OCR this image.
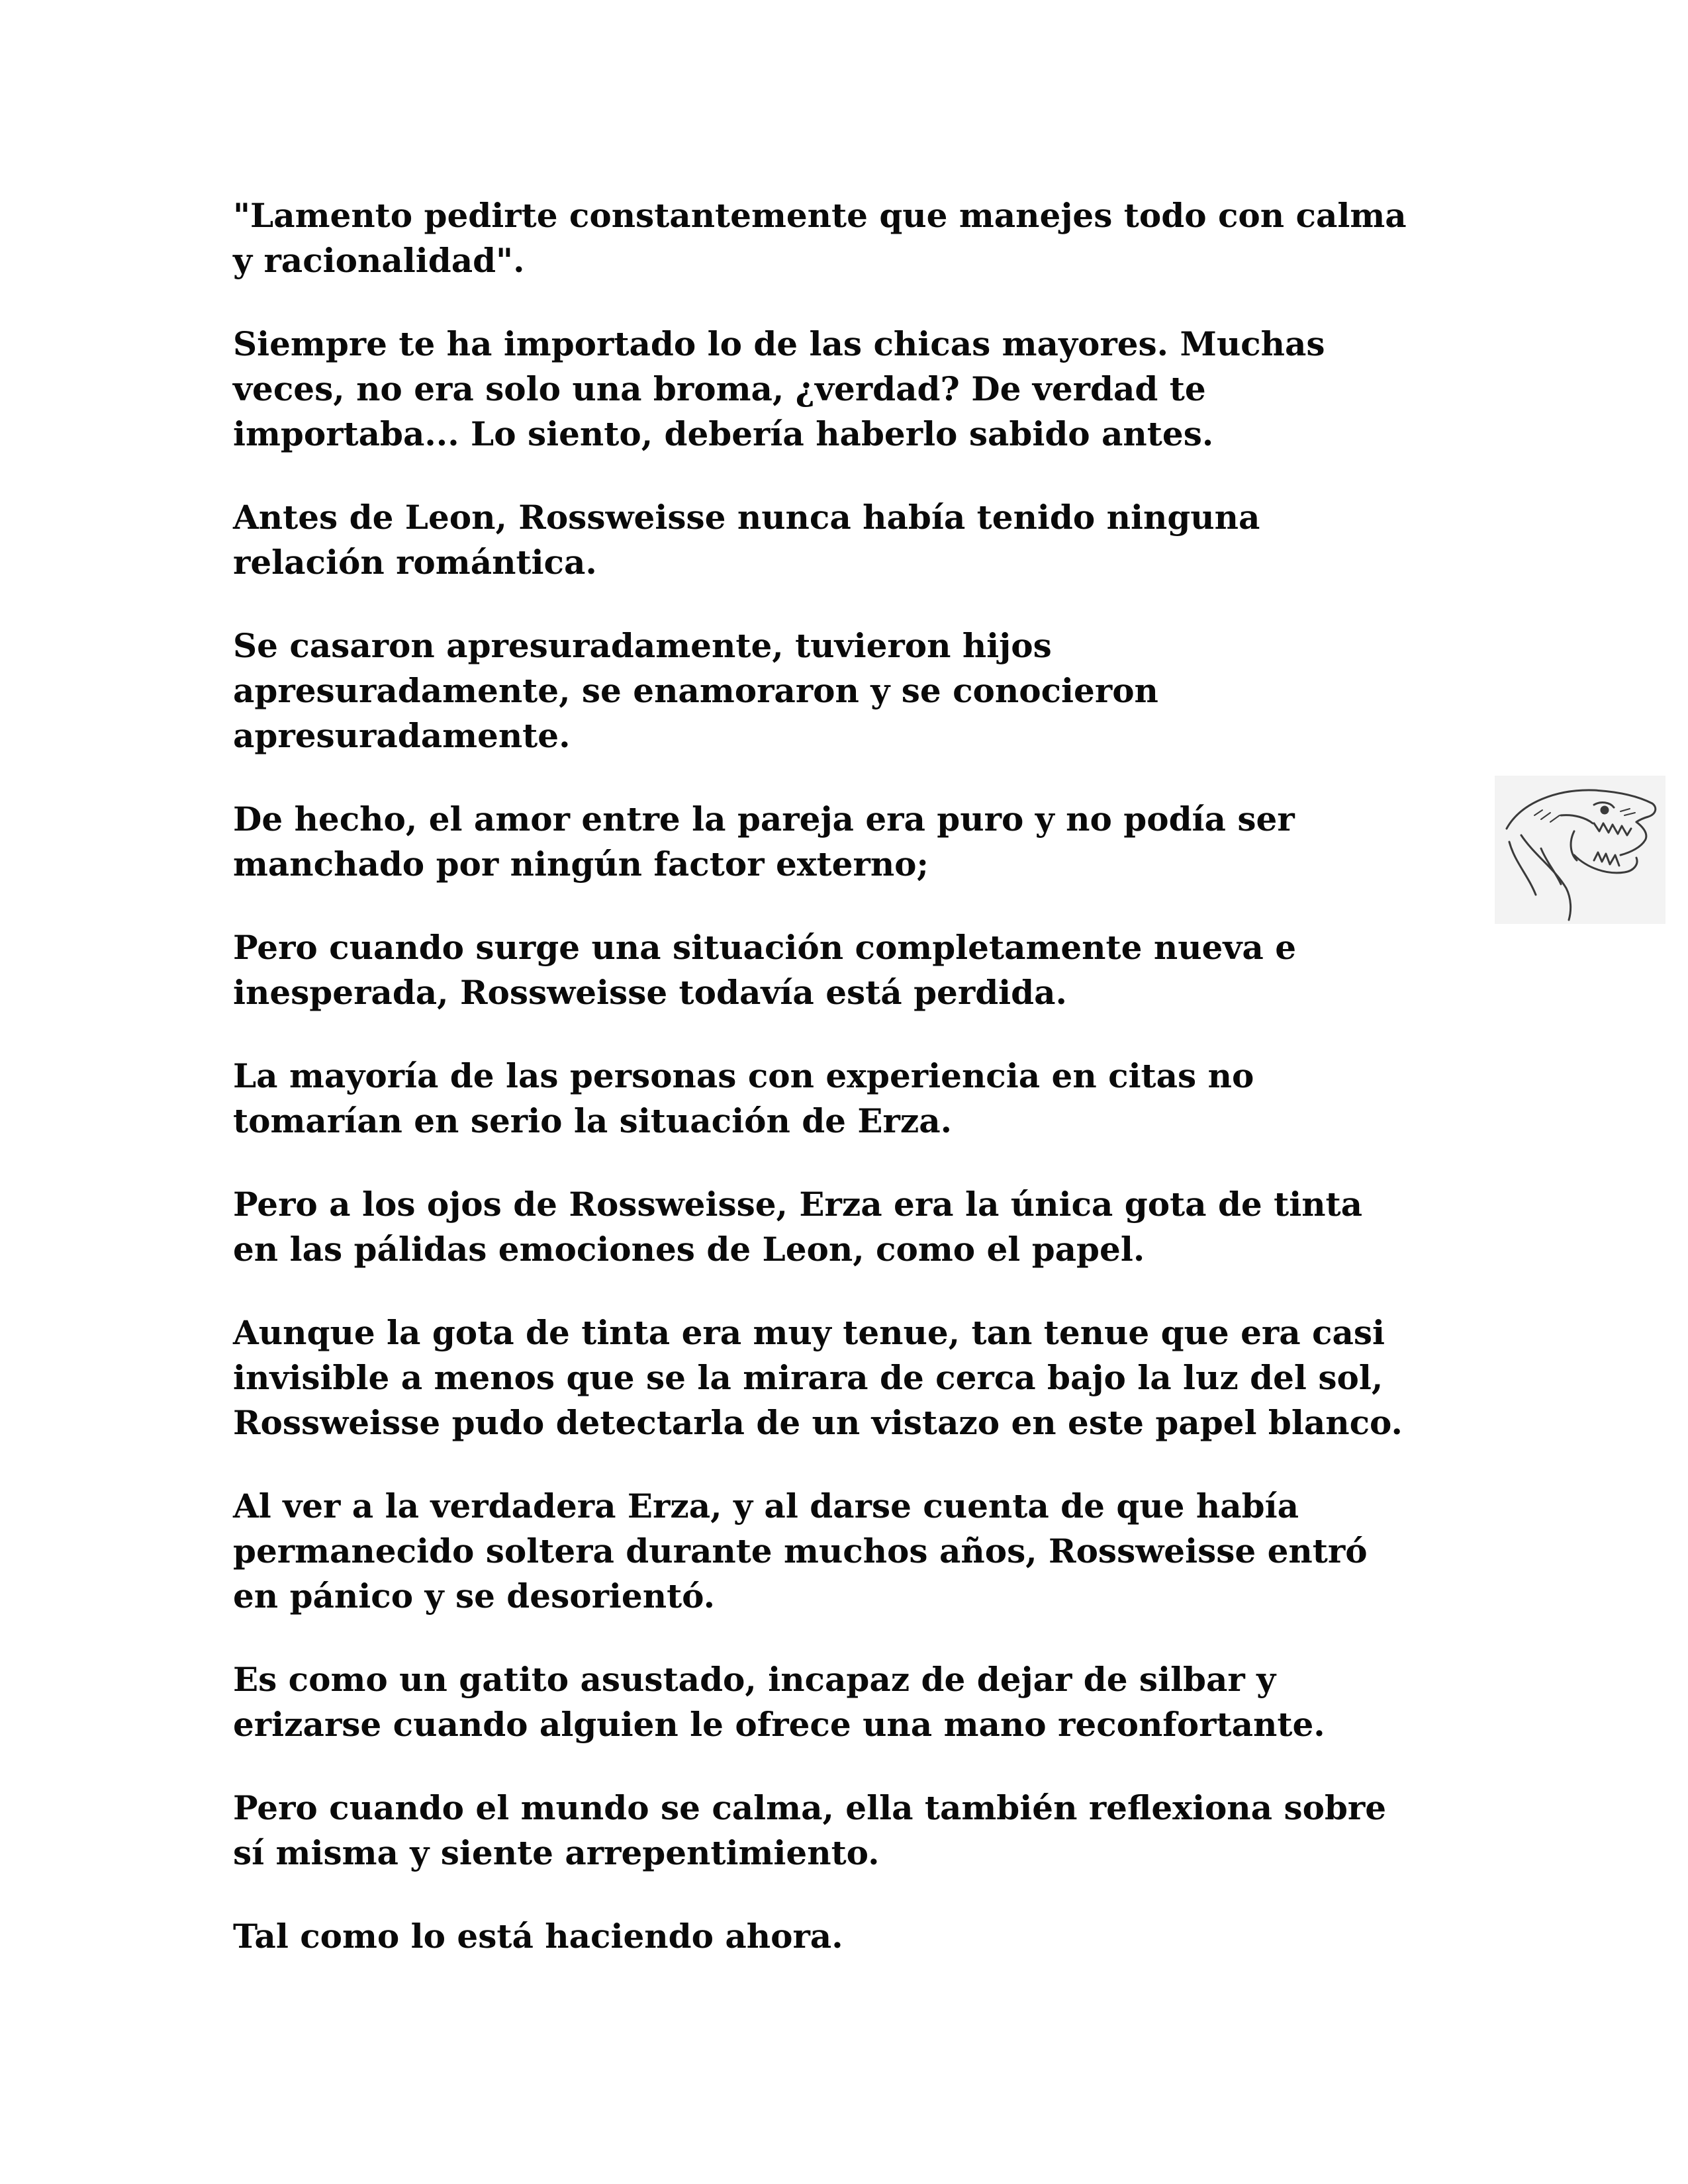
"Lamento pedirte constantemente que manejes todo con calma
y racionalidad".

Siempre te ha importado lo de las chicas mayores. Muchas
veces, no era solo una broma, ¿verdad? De verdad te
importaba... Lo siento, debería haberlo sabido antes.

Antes de Leon, Rossweisse nunca había tenido ninguna
relación romántica.

Se casaron apresuradamente, tuvieron hijos
apresuradamente, se enamoraron y se conocieron
apresuradamente.

De hecho, el amor entre la pareja era puro y no podía ser
manchado por ningún factor externo;

Pero cuando surge una situación completamente nueva e
inesperada, Rossweisse todavía está perdida.

La mayoría de las personas con experiencia en citas no
tomarían en serio la situación de Erza.

Pero a los ojos de Rossweisse, Erza era la única gota de tinta
en las pálidas emociones de Leon, como el papel.

Aunque la gota de tinta era muy tenue, tan tenue que era casi
invisible a menos que se la mirara de cerca bajo la luz del sol,
Rossweisse pudo detectarla de un vistazo en este papel blanco.

Al ver a la verdadera Erza, y al darse cuenta de que había
permanecido soltera durante muchos años, Rossweisse entró
en pánico y se desorientó.

Es como un gatito asustado, incapaz de dejar de silbar y
erizarse cuando alguien le ofrece una mano reconfortante.

Pero cuando el mundo se calma, ella también reflexiona sobre
sí misma y siente arrepentimiento.

Tal como lo está haciendo ahora.
